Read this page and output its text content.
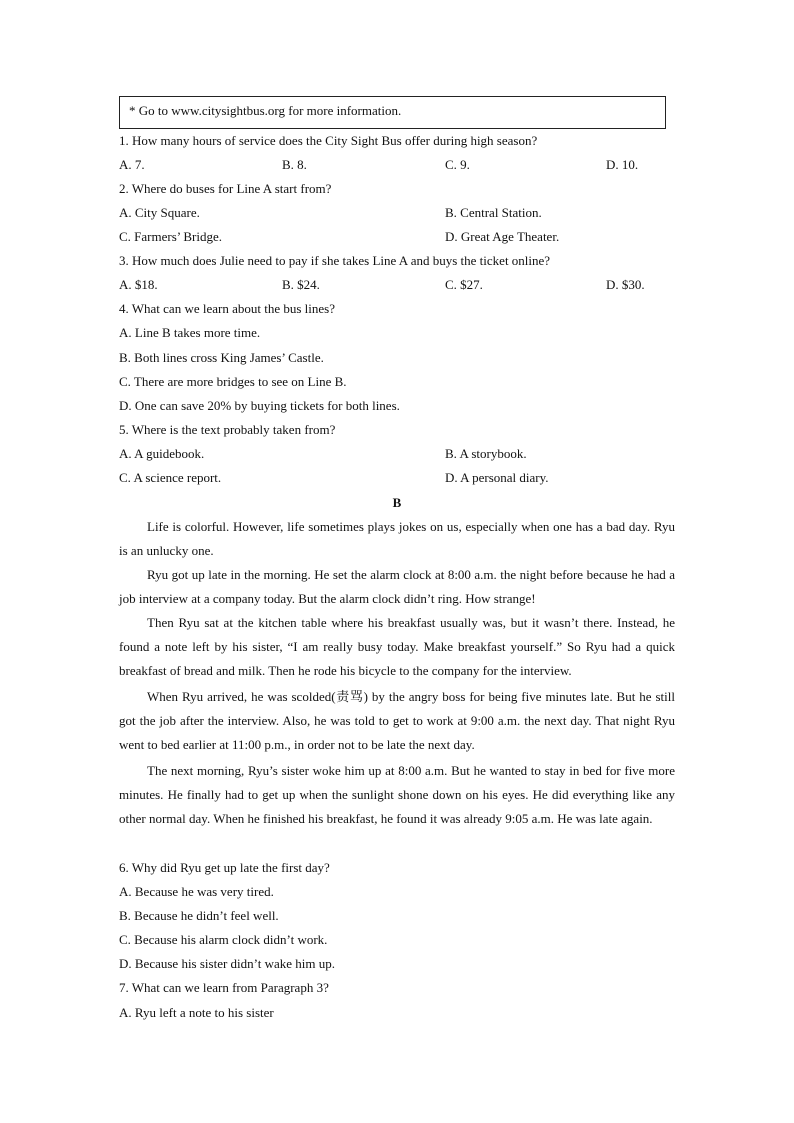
* Go to www.citysightbus.org for more information.
1. How many hours of service does the City Sight Bus offer during high season?
A. 7.	B. 8.	C. 9.	D. 10.
2. Where do buses for Line A start from?
A. City Square.	B. Central Station.
C. Farmers’ Bridge.	D. Great Age Theater.
3. How much does Julie need to pay if she takes Line A and buys the ticket online?
A. $18.	B. $24.	C. $27.	D. $30.
4. What can we learn about the bus lines?
A. Line B takes more time.
B. Both lines cross King James’ Castle.
C. There are more bridges to see on Line B.
D. One can save 20% by buying tickets for both lines.
5. Where is the text probably taken from?
A. A guidebook.	B. A storybook.
C. A science report.	D. A personal diary.
B
Life is colorful. However, life sometimes plays jokes on us, especially when one has a bad day. Ryu is an unlucky one.
Ryu got up late in the morning. He set the alarm clock at 8:00 a.m. the night before because he had a job interview at a company today. But the alarm clock didn’t ring. How strange!
Then Ryu sat at the kitchen table where his breakfast usually was, but it wasn’t there. Instead, he found a note left by his sister, “I am really busy today. Make breakfast yourself.” So Ryu had a quick breakfast of bread and milk. Then he rode his bicycle to the company for the interview.
When Ryu arrived, he was scolded(责骂) by the angry boss for being five minutes late. But he still got the job after the interview. Also, he was told to get to work at 9:00 a.m. the next day. That night Ryu went to bed earlier at 11:00 p.m., in order not to be late the next day.
The next morning, Ryu’s sister woke him up at 8:00 a.m. But he wanted to stay in bed for five more minutes. He finally had to get up when the sunlight shone down on his eyes. He did everything like any other normal day. When he finished his breakfast, he found it was already 9:05 a.m. He was late again.
6. Why did Ryu get up late the first day?
A. Because he was very tired.
B. Because he didn’t feel well.
C. Because his alarm clock didn’t work.
D. Because his sister didn’t wake him up.
7. What can we learn from Paragraph 3?
A. Ryu left a note to his sister
